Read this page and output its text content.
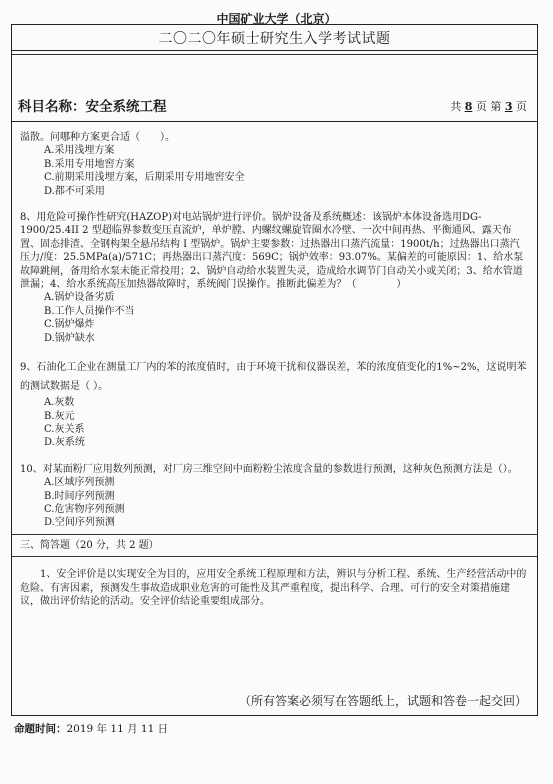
中国矿业大学（北京）
二〇二〇年硕士研究生入学考试试题
科目名称：安全系统工程	共 8 页 第 3 页

溢散。问哪种方案更合适（　　）。

A.采用浅埋方案

B.采用专用地窖方案

C.前期采用浅埋方案，后期采用专用地窖安全

D.都不可采用

8、用危险可操作性研究(HAZOP)对电站锅炉进行评价。锅炉设备及系统概述：该锅炉本体设备选用DG-1900/25.4II 2 型超临界参数变压直流炉，单炉膛、内螺纹螺旋管圈水冷壁、一次中间再热、平衡通风、露天布置、固态排渣、全钢构架全悬吊结构 I 型锅炉。锅炉主要参数：过热器出口蒸汽流量：1900t/h；过热器出口蒸汽压力/度：25.5MPa(a)/571C；再热器出口蒸汽度：569C；锅炉效率：93.07%。某偏差的可能原因：1、给水泵故障跳闸，备用给水泵未能正常投用；2、锅炉自动给水装置失灵，造成给水调节门自动关小或关闭；3、给水管道泄漏；4、给水系统高压加热器故障时，系统阀门误操作。推断此偏差为？（　　　　）

A.锅炉设备劣质

B.工作人员操作不当

C.锅炉爆炸

D.锅炉缺水

9、石油化工企业在测量工厂内的苯的浓度值时，由于环境干扰和仪器误差，苯的浓度值变化的1%~2%，这说明苯的测试数据是（ ）。

A.灰数

B.灰元

C.灰关系

D.灰系统

10、对某面粉厂应用数列预测，对厂房三维空间中面粉粉尘浓度含量的参数进行预测，这种灰色预测方法是（）。

A.区域序列预测

B.时间序列预测

C.危害物序列预测

D.空间序列预测

三、简答题（20 分，共 2 题）

1、安全评价是以实现安全为目的，应用安全系统工程原理和方法，辨识与分析工程、系统、生产经营活动中的危险、有害因素，预测发生事故造成职业危害的可能性及其严重程度，提出科学、合理、可行的安全对策措施建议，做出评价结论的活动。安全评价结论重要组成部分。

（所有答案必须写在答题纸上，试题和答卷一起交回）
命题时间：2019 年 11 月 11 日
